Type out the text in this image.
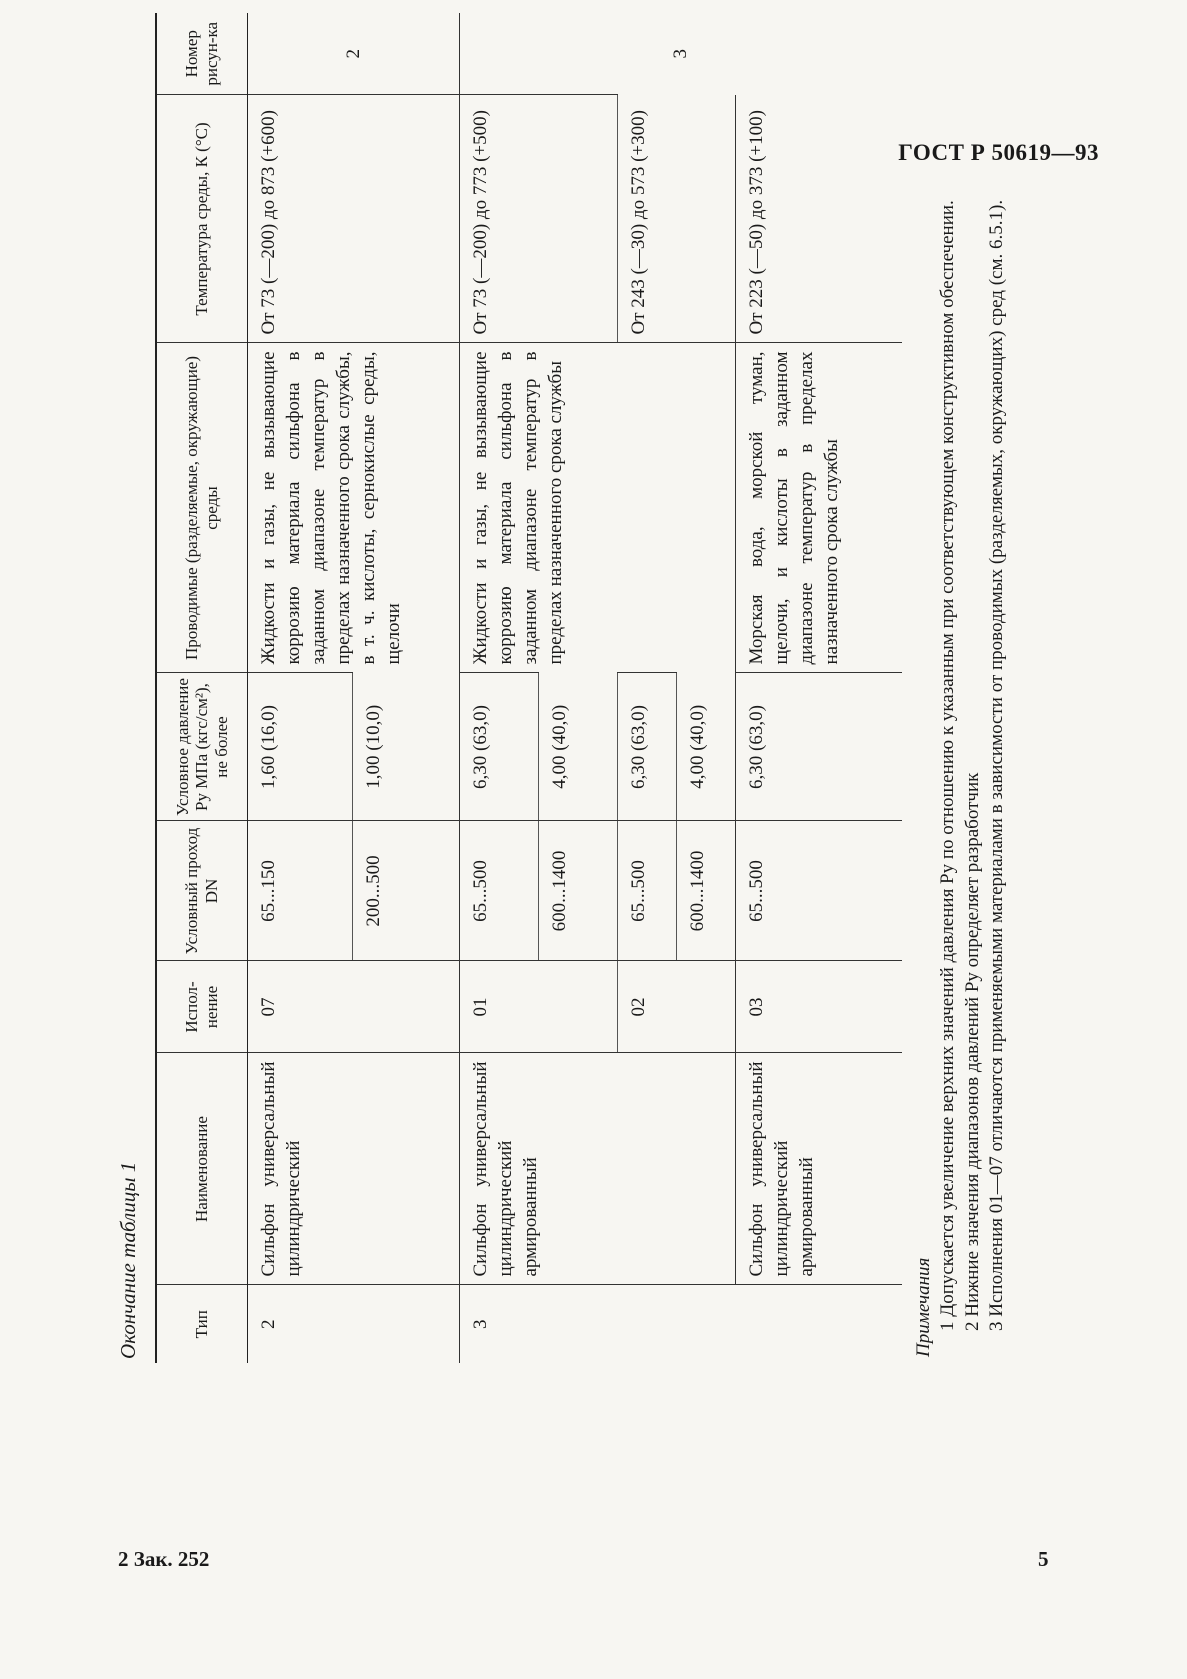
ГОСТ Р 50619—93
2 Зак. 252	5
Окончание таблицы 1	Тип	Наименование	Испол-нение	Условный проход DN	Условное давление Pу МПа (кгс/см²), не более	Проводимые (разделяемые, окружающие) среды	Температура среды, К (°С)	Номер рисун-ка
2	Сильфон универсальный цилиндрический	07	65...150	1,60 (16,0)	Жидкости и газы, не вызывающие коррозию материала сильфона в заданном диапазоне температур в пределах назначенного срока службы, в т. ч. кислоты, сернокислые среды, щелочи	От 73 (—200) до 873 (+600)	2
			200...500	1,00 (10,0)			
3	Сильфон универсальный цилиндрический армированный	01	65...500	6,30 (63,0)	Жидкости и газы, не вызывающие коррозию материала сильфона в заданном диапазоне температур в пределах назначенного срока службы	От 73 (—200) до 773 (+500)	3
			600...1400	4,00 (40,0)			
		02	65...500	6,30 (63,0)		От 243 (—30) до 573 (+300)	
			600...1400	4,00 (40,0)			
	Сильфон универсальный цилиндрический армированный	03	65...500	6,30 (63,0)	Морская вода, морской туман, щелочи, и кислоты в заданном диапазоне температур в пределах назначенного срока службы	От 223 (—50) до 373 (+100)	
Примечания 1 Допускается увеличение верхних значений давления Pу по отношению к указанным при соответствующем конструктивном обеспечении. 2 Нижние значения диапазонов давлений Pу определяет разработчик 3 Исполнения 01—07 отличаются применяемыми материалами в зависимости от проводимых (разделяемых, окружающих) сред (см. 6.5.1).
